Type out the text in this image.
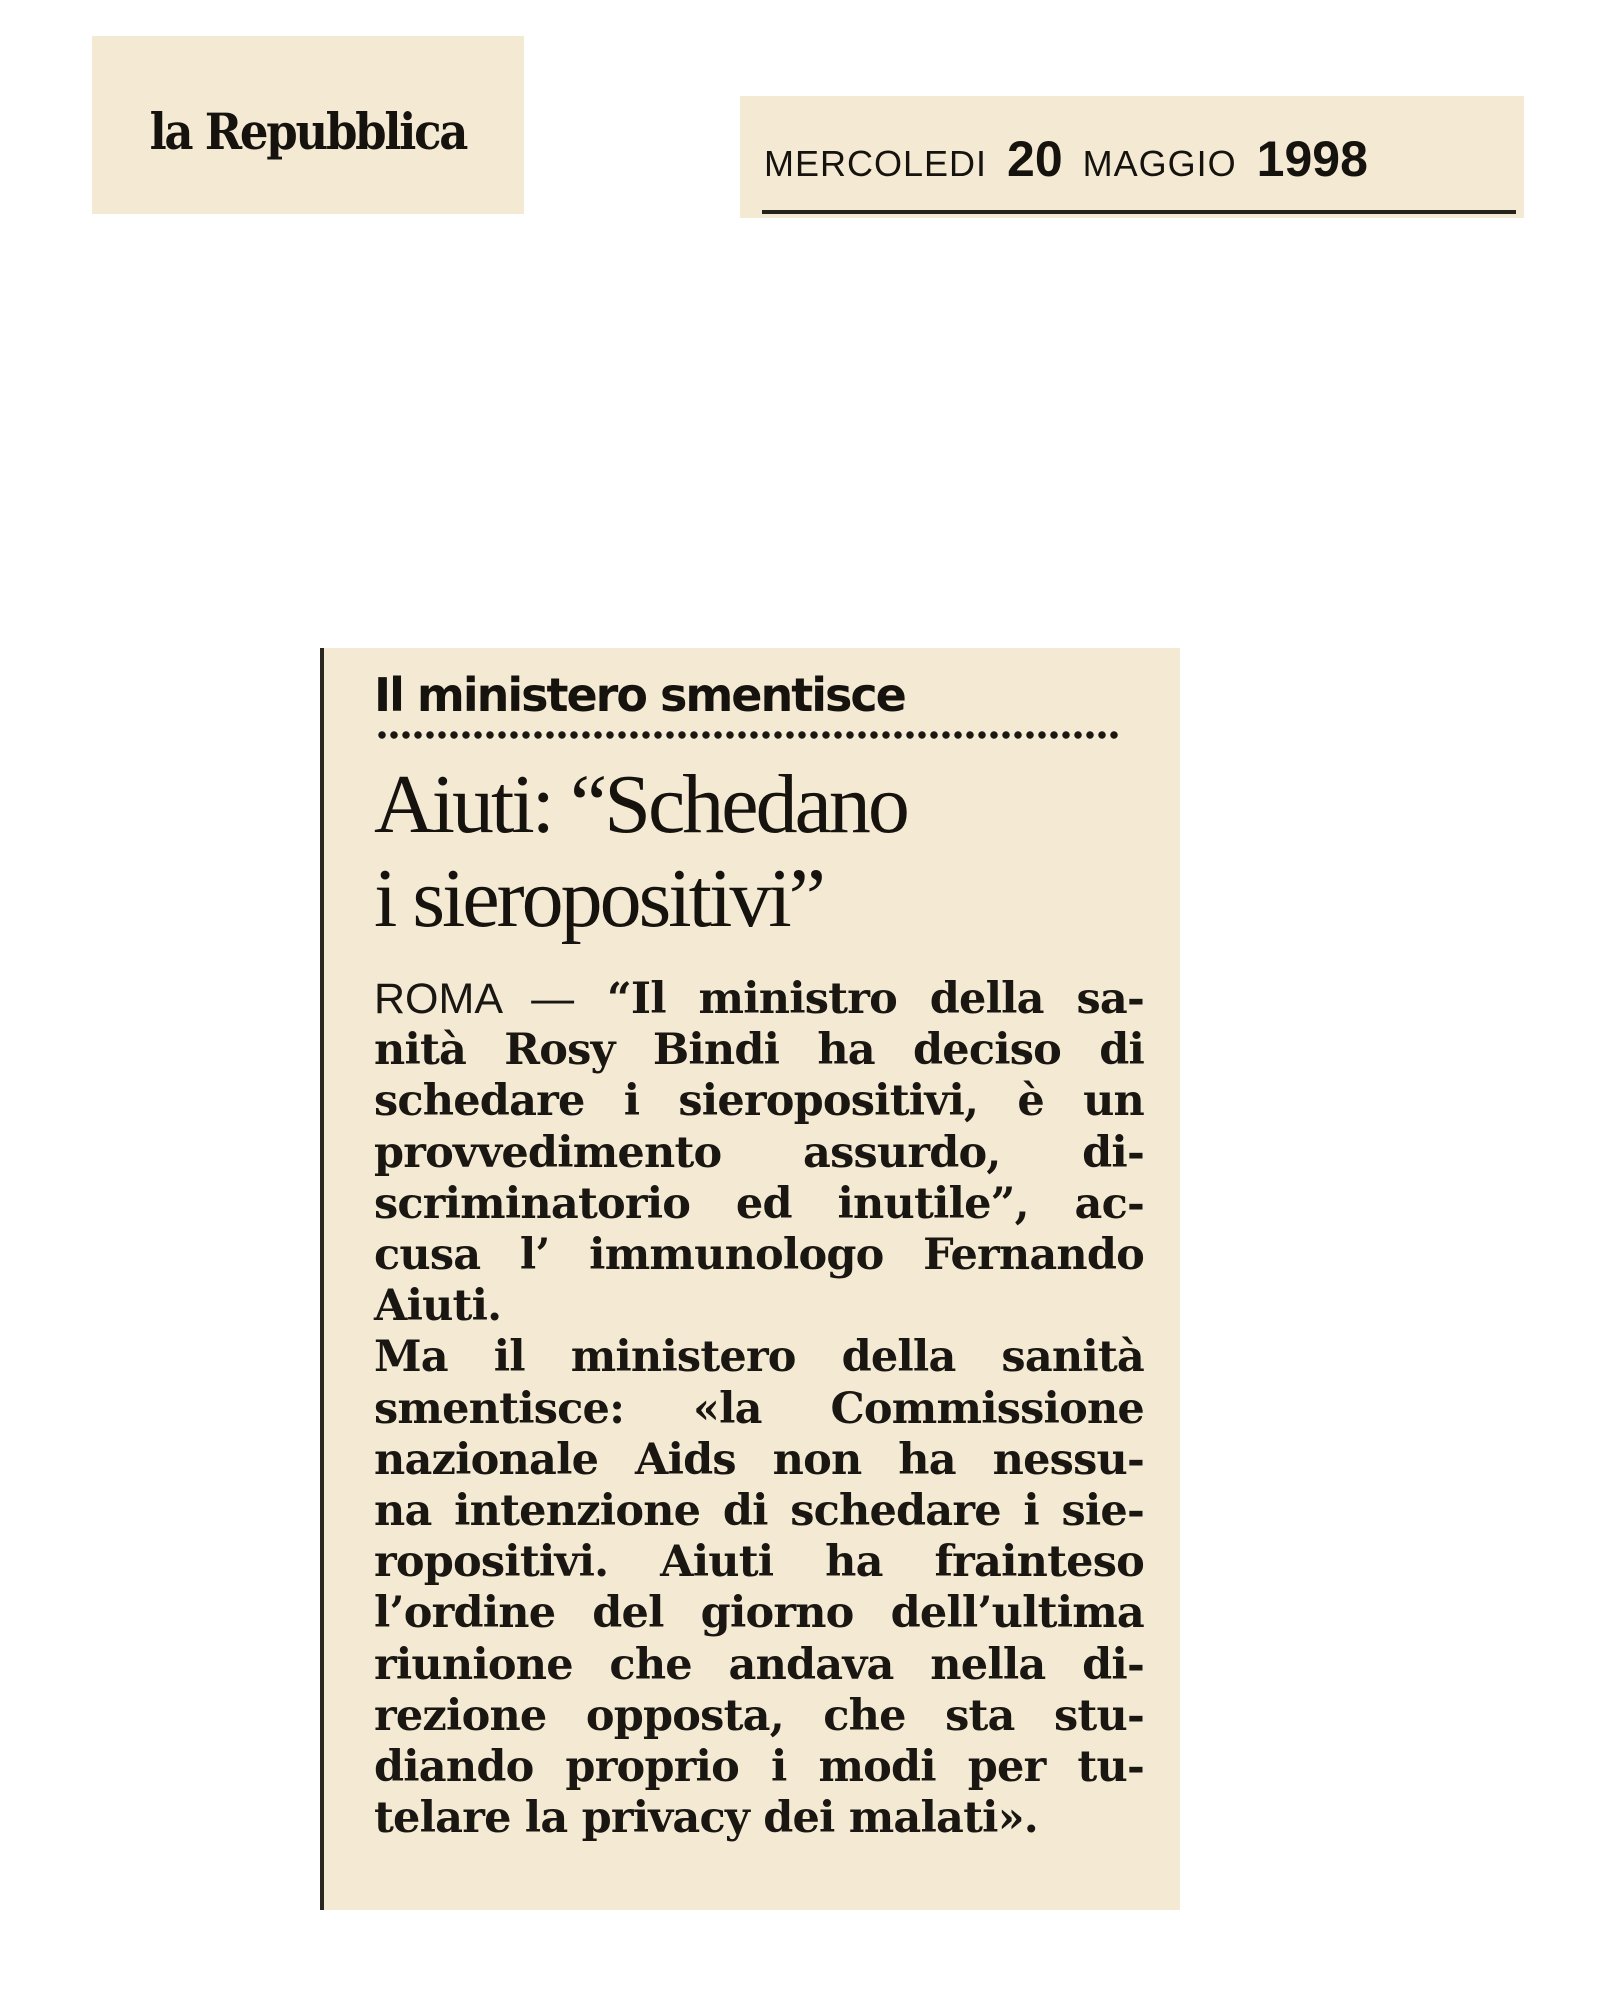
la Repubblica
MERCOLEDI 20 MAGGIO 1998
Il ministero smentisce
Aiuti: “Schedano
i sieropositivi”
ROMA — “Il ministro della sa-
nità Rosy Bindi ha deciso di
schedare i sieropositivi, è un
provvedimento assurdo, di-
scriminatorio ed inutile”, ac-
cusa l’ immunologo Fernando
Aiuti.
Ma il ministero della sanità
smentisce: «la Commissione
nazionale Aids non ha nessu-
na intenzione di schedare i sie-
ropositivi. Aiuti ha frainteso
l’ordine del giorno dell’ultima
riunione che andava nella di-
rezione opposta, che sta stu-
diando proprio i modi per tu-
telare la privacy dei malati».
